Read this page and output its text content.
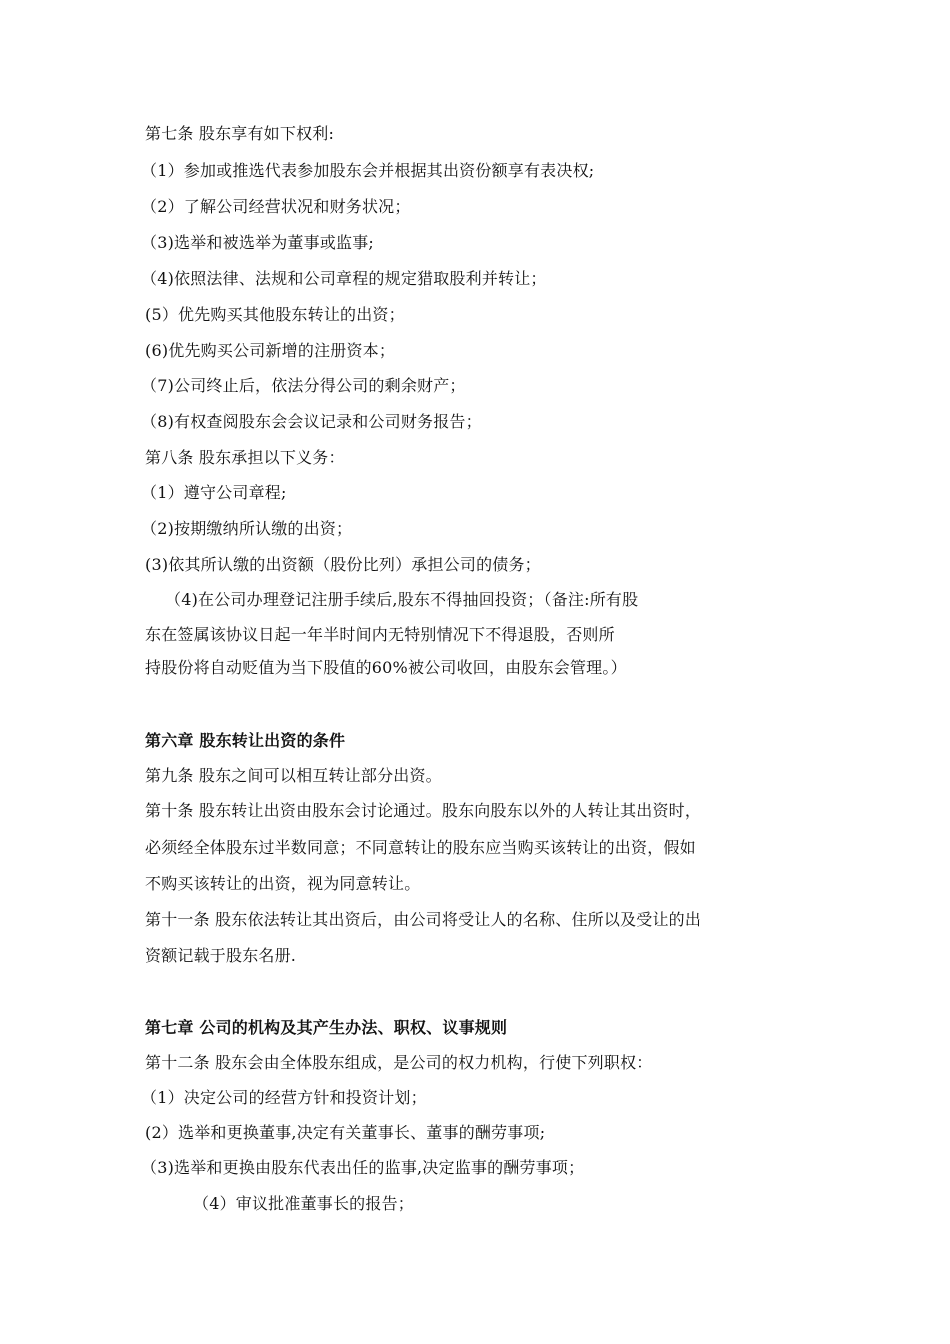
第七条 股东享有如下权利:
（1）参加或推选代表参加股东会并根据其出资份额享有表决权;
（2）了解公司经营状况和财务状况；
（3)选举和被选举为董事或监事;
（4)依照法律、法规和公司章程的规定猎取股利并转让；
(5）优先购买其他股东转让的出资；
(6)优先购买公司新增的注册资本；
（7)公司终止后，依法分得公司的剩余财产；
（8)有权查阅股东会会议记录和公司财务报告；
第八条 股东承担以下义务：
（1）遵守公司章程;
（2)按期缴纳所认缴的出资；
(3)依其所认缴的出资额（股份比列）承担公司的债务；
（4)在公司办理登记注册手续后,股东不得抽回投资；（备注:所有股
东在签属该协议日起一年半时间内无特别情况下不得退股，否则所
持股份将自动贬值为当下股值的60%被公司收回，由股东会管理。）
第六章 股东转让出资的条件
第九条 股东之间可以相互转让部分出资。
第十条 股东转让出资由股东会讨论通过。股东向股东以外的人转让其出资时，
必须经全体股东过半数同意；不同意转让的股东应当购买该转让的出资，假如
不购买该转让的出资，视为同意转让。
第十一条 股东依法转让其出资后，由公司将受让人的名称、住所以及受让的出
资额记载于股东名册.
第七章 公司的机构及其产生办法、职权、议事规则
第十二条 股东会由全体股东组成，是公司的权力机构，行使下列职权：
（1）决定公司的经营方针和投资计划；
(2）选举和更换董事,决定有关董事长、董事的酬劳事项;
（3)选举和更换由股东代表出任的监事,决定监事的酬劳事项；
（4）审议批准董事长的报告；
